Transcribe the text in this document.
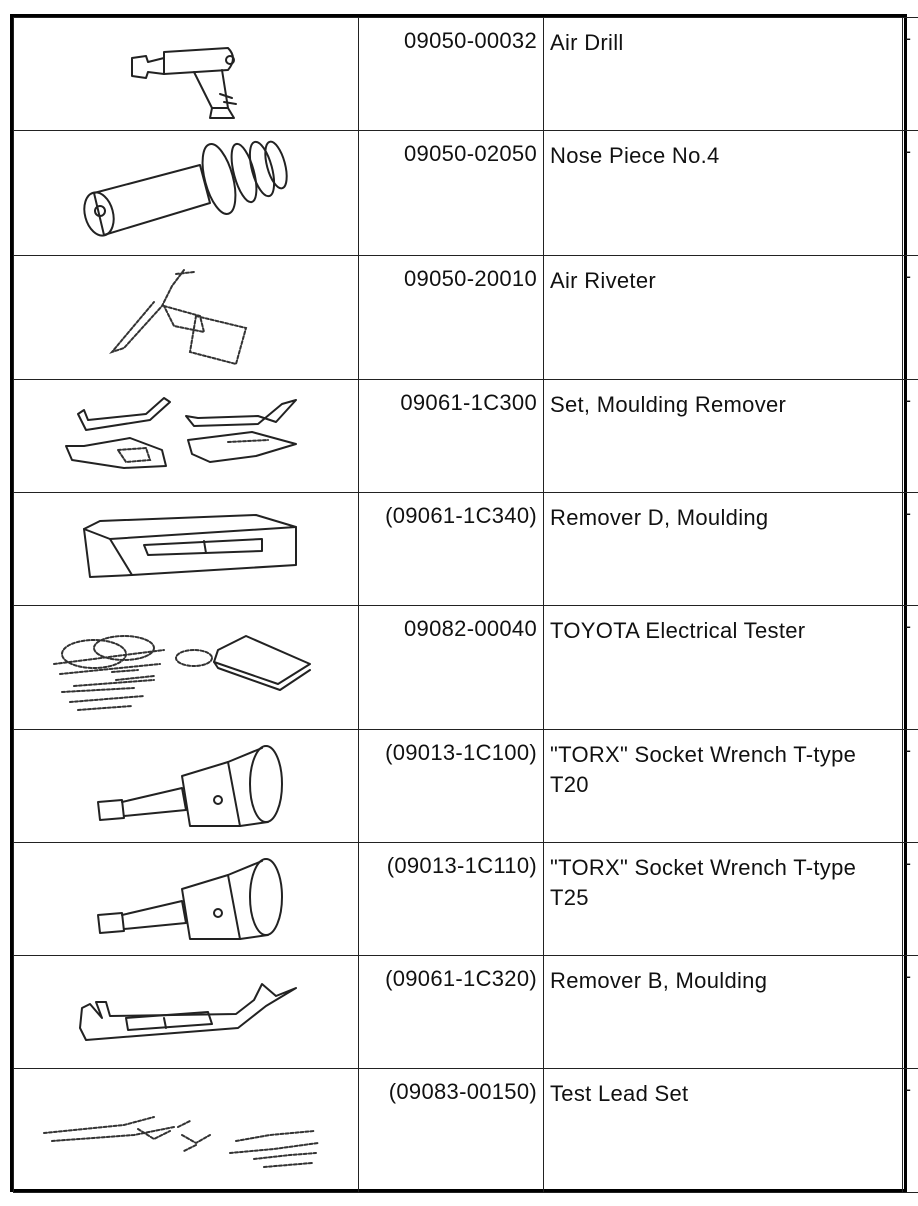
	09050-00032	Air Drill	-

	09050-02050	Nose Piece No.4	-

	09050-20010	Air Riveter	-

	09061-1C300	Set, Moulding Remover	-

	(09061-1C340)	Remover D, Moulding	-

	09082-00040	TOYOTA Electrical Tester	-

	(09013-1C100)	"TORX" Socket Wrench T-type
T20	-

	(09013-1C110)	"TORX" Socket Wrench T-type
T25	-

	(09061-1C320)	Remover B, Moulding	-

	(09083-00150)	Test Lead Set	-
